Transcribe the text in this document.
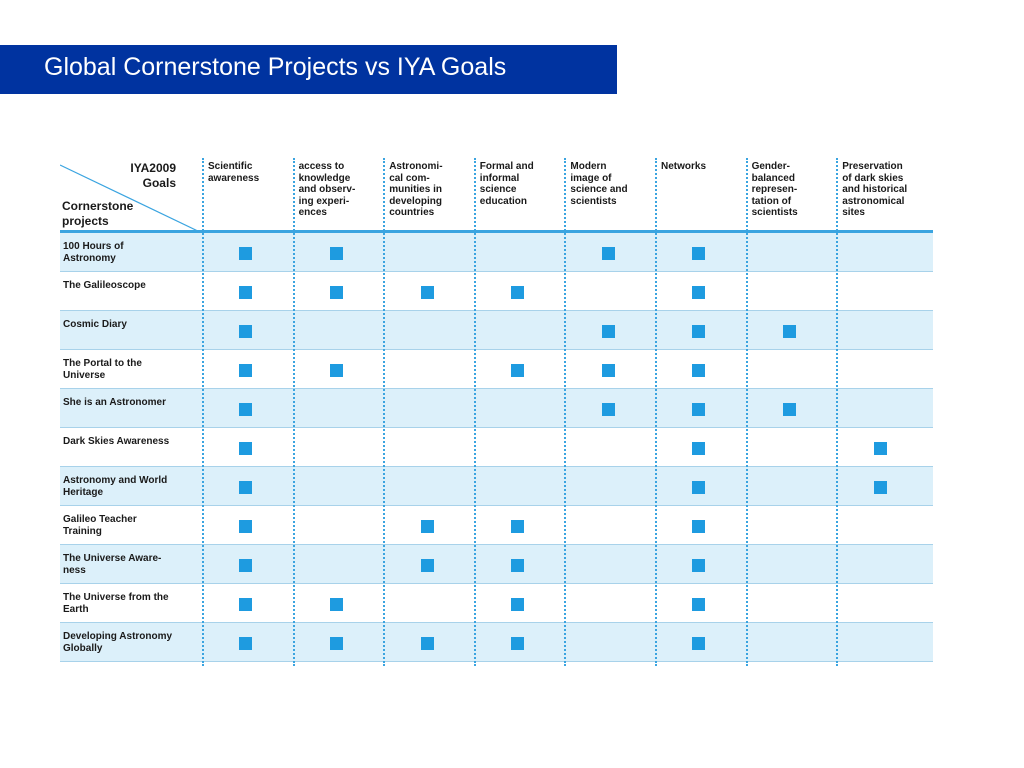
Global Cornerstone Projects vs IYA Goals
IYA2009 Goals
Cornerstone projects
Scientific
awareness
access to
knowledge
and observ-
ing experi-
ences
Astronomi-
cal com-
munities in
developing
countries
Formal and
informal
science
education
Modern
image of
science and
scientists
Networks	Gender-
balanced
represen-
tation of
scientists
Preservation
of dark skies
and historical
astronomical
sites
100 Hours of
Astronomy
The Galileoscope
Cosmic Diary
The Portal to the
Universe
She is an Astronomer
Dark Skies Awareness
Astronomy and World
Heritage
Galileo Teacher
Training
The Universe Aware-
ness
The Universe from the
Earth
Developing Astronomy
Globally
